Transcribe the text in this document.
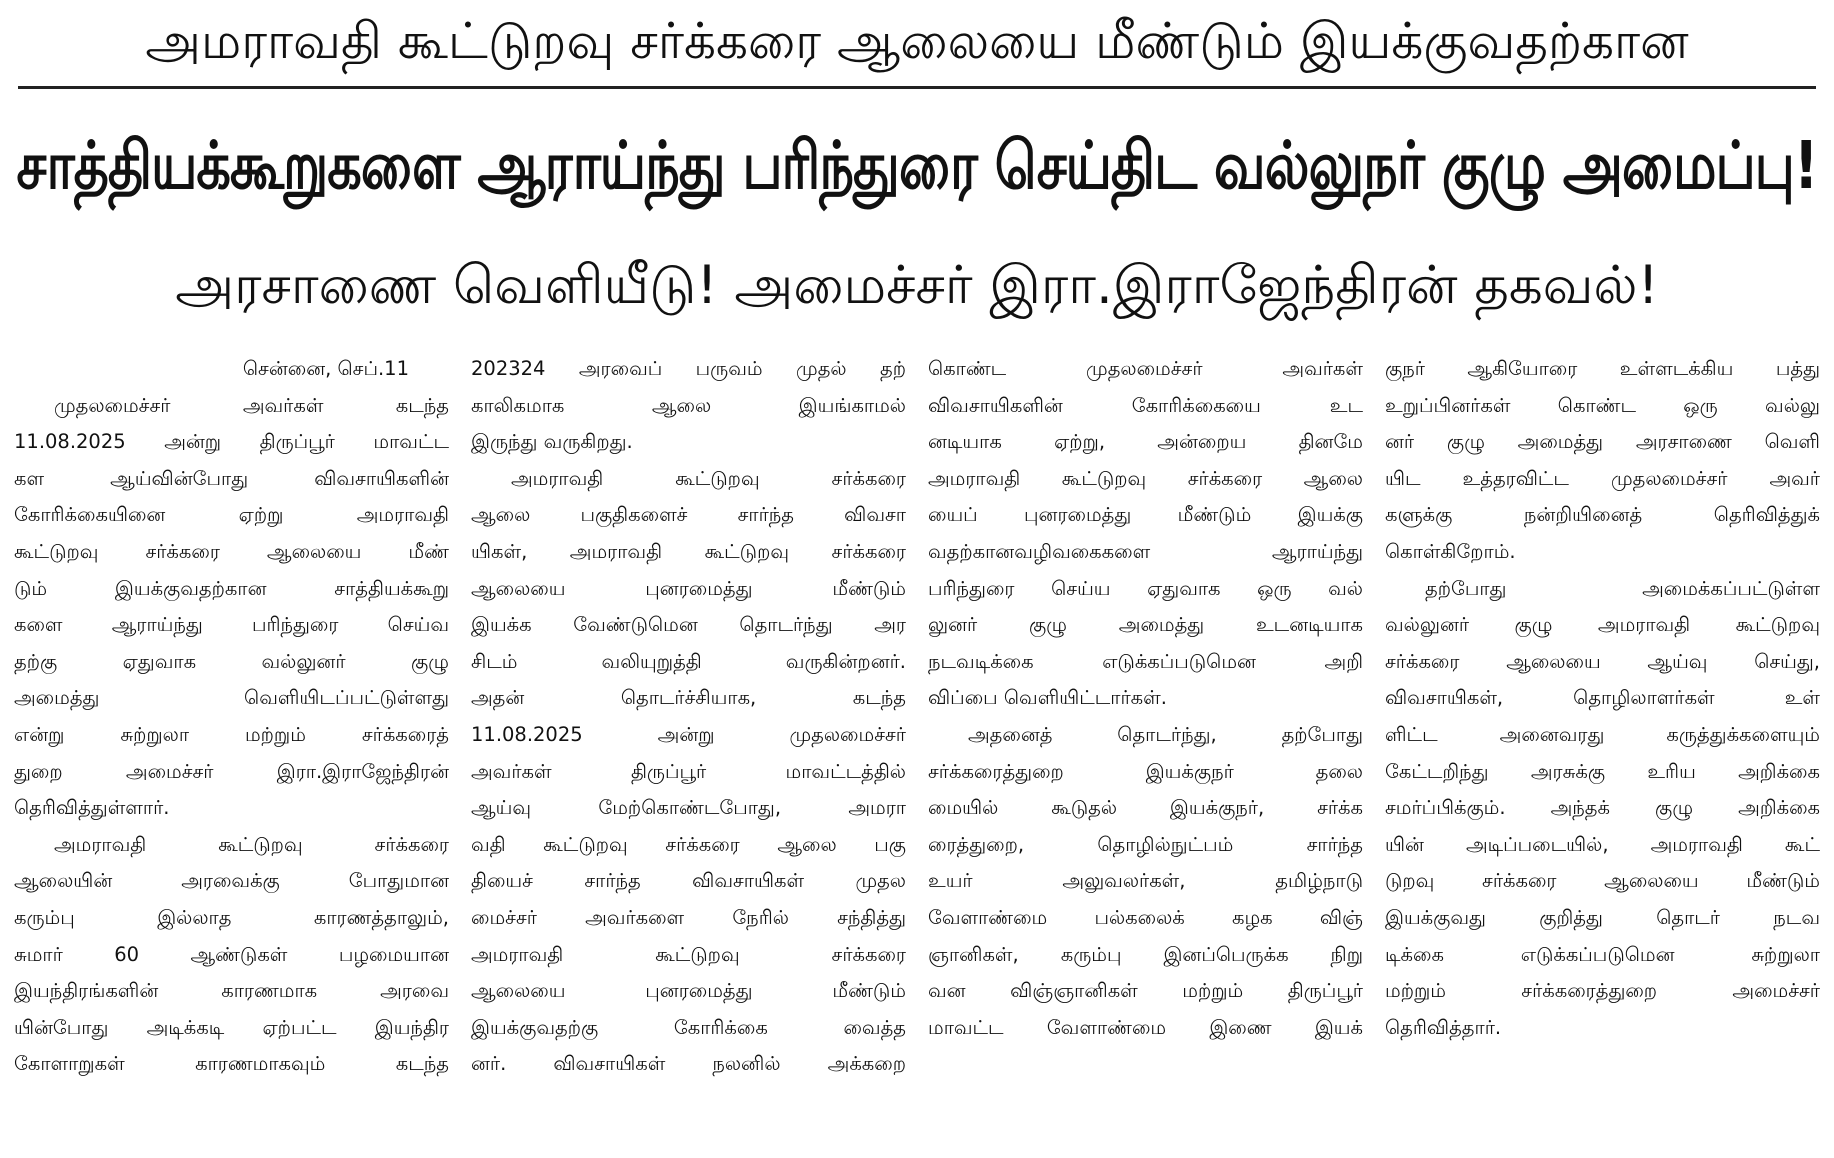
அமராவதி கூட்டுறவு சர்க்கரை ஆலையை மீண்டும் இயக்குவதற்கான
சாத்தியக்கூறுகளை ஆராய்ந்து பரிந்துரை செய்திட வல்லுநர் குழு அமைப்பு!
அரசாணை வெளியீடு! அமைச்சர் இரா.இராஜேந்திரன் தகவல்!
சென்னை, செப்.11
முதலமைச்சர் அவர்கள் கடந்த
11.08.2025 அன்று திருப்பூர் மாவட்ட
கள ஆய்வின்போது விவசாயிகளின்
கோரிக்கையினை ஏற்று அமராவதி
கூட்டுறவு சர்க்கரை ஆலையை மீண்
டும் இயக்குவதற்கான சாத்தியக்கூறு
களை ஆராய்ந்து பரிந்துரை செய்வ
தற்கு ஏதுவாக வல்லுனர் குழு
அமைத்து வெளியிடப்பட்டுள்ளது
என்று சுற்றுலா மற்றும் சர்க்கரைத்
துறை அமைச்சர் இரா.இராஜேந்திரன்
தெரிவித்துள்ளார்.
அமராவதி கூட்டுறவு சர்க்கரை
ஆலையின் அரவைக்கு போதுமான
கரும்பு இல்லாத காரணத்தாலும்,
சுமார் 60 ஆண்டுகள் பழமையான
இயந்திரங்களின் காரணமாக அரவை
யின்போது அடிக்கடி ஏற்பட்ட இயந்திர
கோளாறுகள் காரணமாகவும் கடந்த
202324 அரவைப் பருவம் முதல் தற்
காலிகமாக ஆலை இயங்காமல்
இருந்து வருகிறது.
அமராவதி கூட்டுறவு சர்க்கரை
ஆலை பகுதிகளைச் சார்ந்த விவசா
யிகள், அமராவதி கூட்டுறவு சர்க்கரை
ஆலையை புனரமைத்து மீண்டும்
இயக்க வேண்டுமென தொடர்ந்து அர
சிடம் வலியுறுத்தி வருகின்றனர்.
அதன் தொடர்ச்சியாக, கடந்த
11.08.2025 அன்று முதலமைச்சர்
அவர்கள் திருப்பூர் மாவட்டத்தில்
ஆய்வு மேற்கொண்டபோது, அமரா
வதி கூட்டுறவு சர்க்கரை ஆலை பகு
தியைச் சார்ந்த விவசாயிகள் முதல
மைச்சர் அவர்களை நேரில் சந்தித்து
அமராவதி கூட்டுறவு சர்க்கரை
ஆலையை புனரமைத்து மீண்டும்
இயக்குவதற்கு கோரிக்கை வைத்த
னர். விவசாயிகள் நலனில் அக்கறை
கொண்ட முதலமைச்சர் அவர்கள்
விவசாயிகளின் கோரிக்கையை உட
னடியாக ஏற்று, அன்றைய தினமே
அமராவதி கூட்டுறவு சர்க்கரை ஆலை
யைப் புனரமைத்து மீண்டும் இயக்கு
வதற்கானவழிவகைகளை ஆராய்ந்து
பரிந்துரை செய்ய ஏதுவாக ஒரு வல்
லுனர் குழு அமைத்து உடனடியாக
நடவடிக்கை எடுக்கப்படுமென அறி
விப்பை வெளியிட்டார்கள்.
அதனைத் தொடர்ந்து, தற்போது
சர்க்கரைத்துறை இயக்குநர் தலை
மையில் கூடுதல் இயக்குநர், சர்க்க
ரைத்துறை, தொழில்நுட்பம் சார்ந்த
உயர் அலுவலர்கள், தமிழ்நாடு
வேளாண்மை பல்கலைக் கழக விஞ்
ஞானிகள், கரும்பு இனப்பெருக்க நிறு
வன விஞ்ஞானிகள் மற்றும் திருப்பூர்
மாவட்ட வேளாண்மை இணை இயக்
குநர் ஆகியோரை உள்ளடக்கிய பத்து
உறுப்பினர்கள் கொண்ட ஒரு வல்லு
னர் குழு அமைத்து அரசாணை வெளி
யிட உத்தரவிட்ட முதலமைச்சர் அவர்
களுக்கு நன்றியினைத் தெரிவித்துக்
கொள்கிறோம்.
தற்போது அமைக்கப்பட்டுள்ள
வல்லுனர் குழு அமராவதி கூட்டுறவு
சர்க்கரை ஆலையை ஆய்வு செய்து,
விவசாயிகள், தொழிலாளர்கள் உள்
ளிட்ட அனைவரது கருத்துக்களையும்
கேட்டறிந்து அரசுக்கு உரிய அறிக்கை
சமர்ப்பிக்கும். அந்தக் குழு அறிக்கை
யின் அடிப்படையில், அமராவதி கூட்
டுறவு சர்க்கரை ஆலையை மீண்டும்
இயக்குவது குறித்து தொடர் நடவ
டிக்கை எடுக்கப்படுமென சுற்றுலா
மற்றும் சர்க்கரைத்துறை அமைச்சர்
தெரிவித்தார்.
